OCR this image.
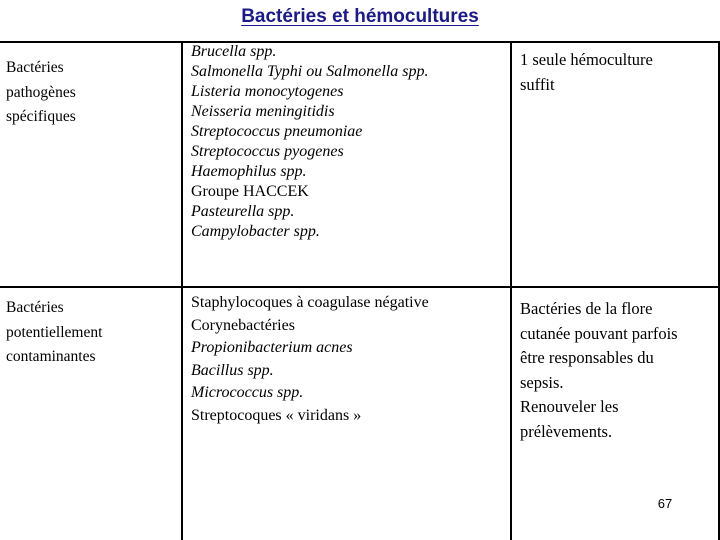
Bactéries et hémocultures
Bactéries
pathogènes
spécifiques
Brucella spp.
Salmonella Typhi ou Salmonella spp.
Listeria monocytogenes
Neisseria meningitidis
Streptococcus pneumoniae
Streptococcus pyogenes
Haemophilus spp.
Groupe HACCEK
Pasteurella spp.
Campylobacter spp.
1 seule hémoculture
suffit
Bactéries
potentiellement
contaminantes
Staphylocoques à coagulase négative
Corynebactéries
Propionibacterium acnes
Bacillus spp.
Micrococcus spp.
Streptocoques « viridans »
Bactéries de la flore
cutanée pouvant parfois
être responsables du
sepsis.
Renouveler les
prélèvements.
67
